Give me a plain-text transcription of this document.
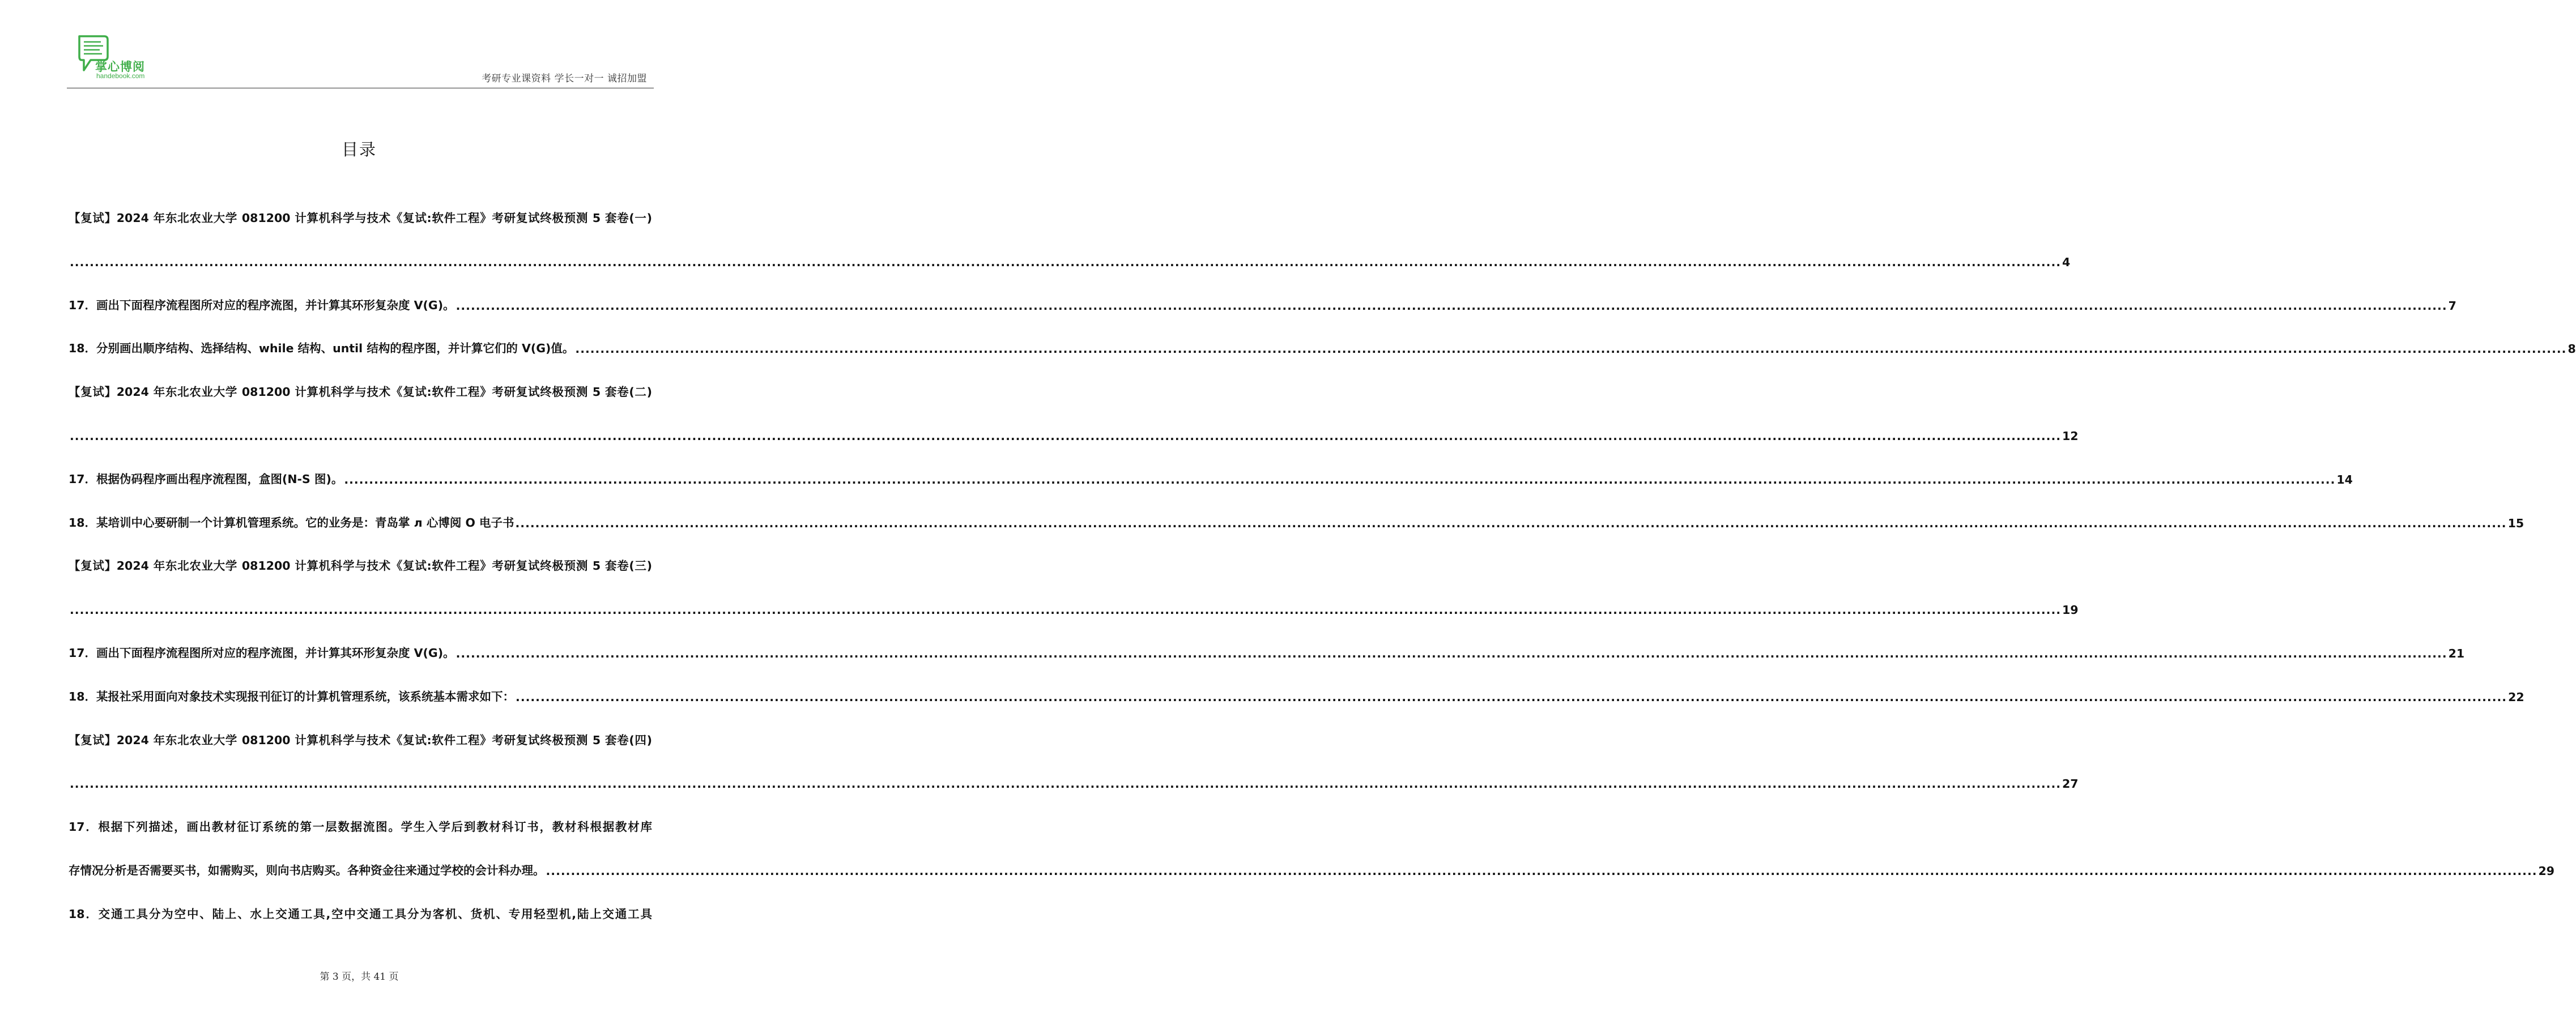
掌心博阅
handebook.com	考研专业课资料 学长一对一 诚招加盟
目录
【复试】2024 年东北农业大学 081200 计算机科学与技术《复试:软件工程》考研复试终极预测 5 套卷(一)
................................................................................................................................................................................................................................................................................................................................................................................................................ 4
17．画出下面程序流程图所对应的程序流图，并计算其环形复杂度 V(G)。 ................................................................................................................................................................................................................................................................................................................................................................................................................ 7
18．分别画出顺序结构、选择结构、while 结构、until 结构的程序图，并计算它们的 V(G)值。 ................................................................................................................................................................................................................................................................................................................................................................................................................ 8
【复试】2024 年东北农业大学 081200 计算机科学与技术《复试:软件工程》考研复试终极预测 5 套卷(二)
................................................................................................................................................................................................................................................................................................................................................................................................................ 12
17．根据伪码程序画出程序流程图，盒图(N-S 图)。 ................................................................................................................................................................................................................................................................................................................................................................................................................ 14
18．某培训中心要研制一个计算机管理系统。它的业务是：青岛掌 л 心博阅 O 电子书 ................................................................................................................................................................................................................................................................................................................................................................................................................ 15
【复试】2024 年东北农业大学 081200 计算机科学与技术《复试:软件工程》考研复试终极预测 5 套卷(三)
................................................................................................................................................................................................................................................................................................................................................................................................................ 19
17．画出下面程序流程图所对应的程序流图，并计算其环形复杂度 V(G)。 ................................................................................................................................................................................................................................................................................................................................................................................................................ 21
18．某报社采用面向对象技术实现报刊征订的计算机管理系统，该系统基本需求如下： ................................................................................................................................................................................................................................................................................................................................................................................................................ 22
【复试】2024 年东北农业大学 081200 计算机科学与技术《复试:软件工程》考研复试终极预测 5 套卷(四)
................................................................................................................................................................................................................................................................................................................................................................................................................ 27
17．根据下列描述，画出教材征订系统的第一层数据流图。学生入学后到教材科订书，教材科根据教材库
存情况分析是否需要买书，如需购买，则向书店购买。各种资金往来通过学校的会计科办理。 ................................................................................................................................................................................................................................................................................................................................................................................................................ 29
18．交通工具分为空中、陆上、水上交通工具,空中交通工具分为客机、货机、专用轻型机,陆上交通工具
第 3 页，共 41 页
